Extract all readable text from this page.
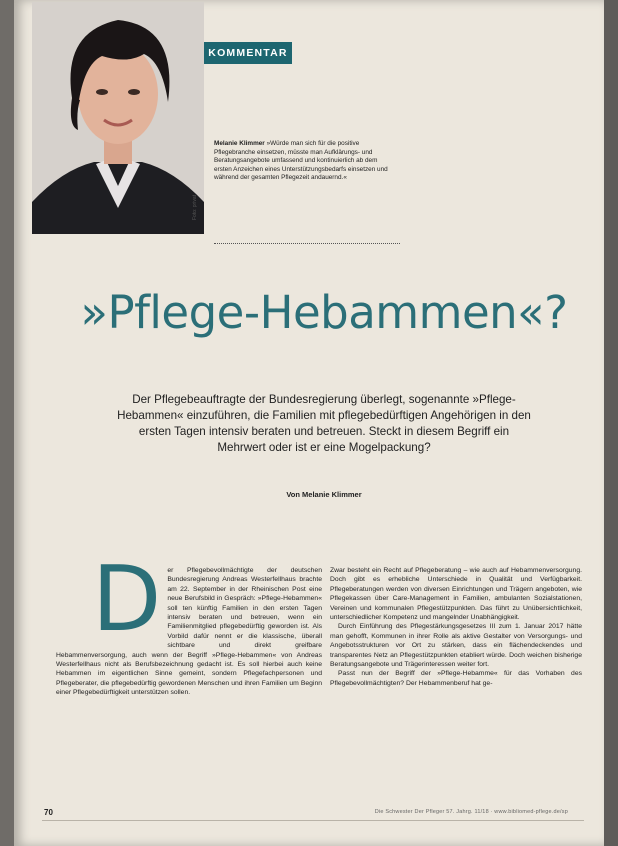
Foto: privat
KOMMENTAR
Melanie Klimmer »Würde man sich für die positive Pflegebranche einsetzen, müsste man Aufklärungs- und Beratungsangebote umfassend und kontinuierlich ab dem ersten Anzeichen eines Unterstützungsbedarfs einsetzen und während der gesamten Pflegezeit andauernd.«
»Pflege-Hebammen«?
Der Pflegebeauftragte der Bundesregierung überlegt, sogenannte »Pflege-Hebammen« einzuführen, die Familien mit pflegebedürftigen Angehörigen in den ersten Tagen intensiv beraten und betreuen. Steckt in diesem Begriff ein Mehrwert oder ist er eine Mogelpackung?
Von Melanie Klimmer
D er Pflegebevollmächtigte der deutschen Bundesregierung Andreas Westerfellhaus brachte am 22. September in der Rheinischen Post eine neue Berufsbild in Gespräch: »Pflege-Hebammen« soll ten künftig Familien in den ersten Tagen intensiv beraten und betreuen, wenn ein Familienmitglied pflegebedürftig geworden ist. Als Vorbild dafür nennt er die klassische, überall sichtbare und direkt greifbare Hebammenversorgung, auch wenn der Begriff »Pflege-Hebammen« von Andreas Westerfellhaus nicht als Berufsbezeichnung gedacht ist. Es soll hierbei auch keine Hebammen im eigentlichen Sinne gemeint, sondern Pflegefachpersonen und Pflegeberater, die pflegebedürftig gewordenen Menschen und ihren Familien um Beginn einer Pflegebedürftigkeit unterstützen sollen.

Zwar besteht ein Recht auf Pflegeberatung – wie auch auf Hebammenversorgung. Doch gibt es erhebliche Unterschiede in Qualität und Verfügbarkeit. Pflegeberatungen werden von diversen Einrichtungen und Trägern angeboten, wie Pflegekassen über Care-Management in Familien, ambulanten Sozialstationen, Vereinen und kommunalen Pflegestützpunkten. Das führt zu Unübersichtlichkeit, unterschiedlicher Kompetenz und mangelnder Unabhängigkeit.

Durch Einführung des Pflegestärkungsgesetzes III zum 1. Januar 2017 hätte man gehofft, Kommunen in ihrer Rolle als aktive Gestalter von Versorgungs- und Angebotsstrukturen vor Ort zu stärken, dass ein flächendeckendes und transparentes Netz an Pflegestützpunkten etabliert würde. Doch weichen bisherige Beratungsangebote und Trägerinteressen weiter fort.

Passt nun der Begriff der »Pflege-Hebamme« für das Vorhaben des Pflegebevollmächtigten? Der Hebammenberuf hat ge-

70	Die Schwester Der Pfleger 57. Jahrg. 11/18 · www.bibliomed-pflege.de/sp
